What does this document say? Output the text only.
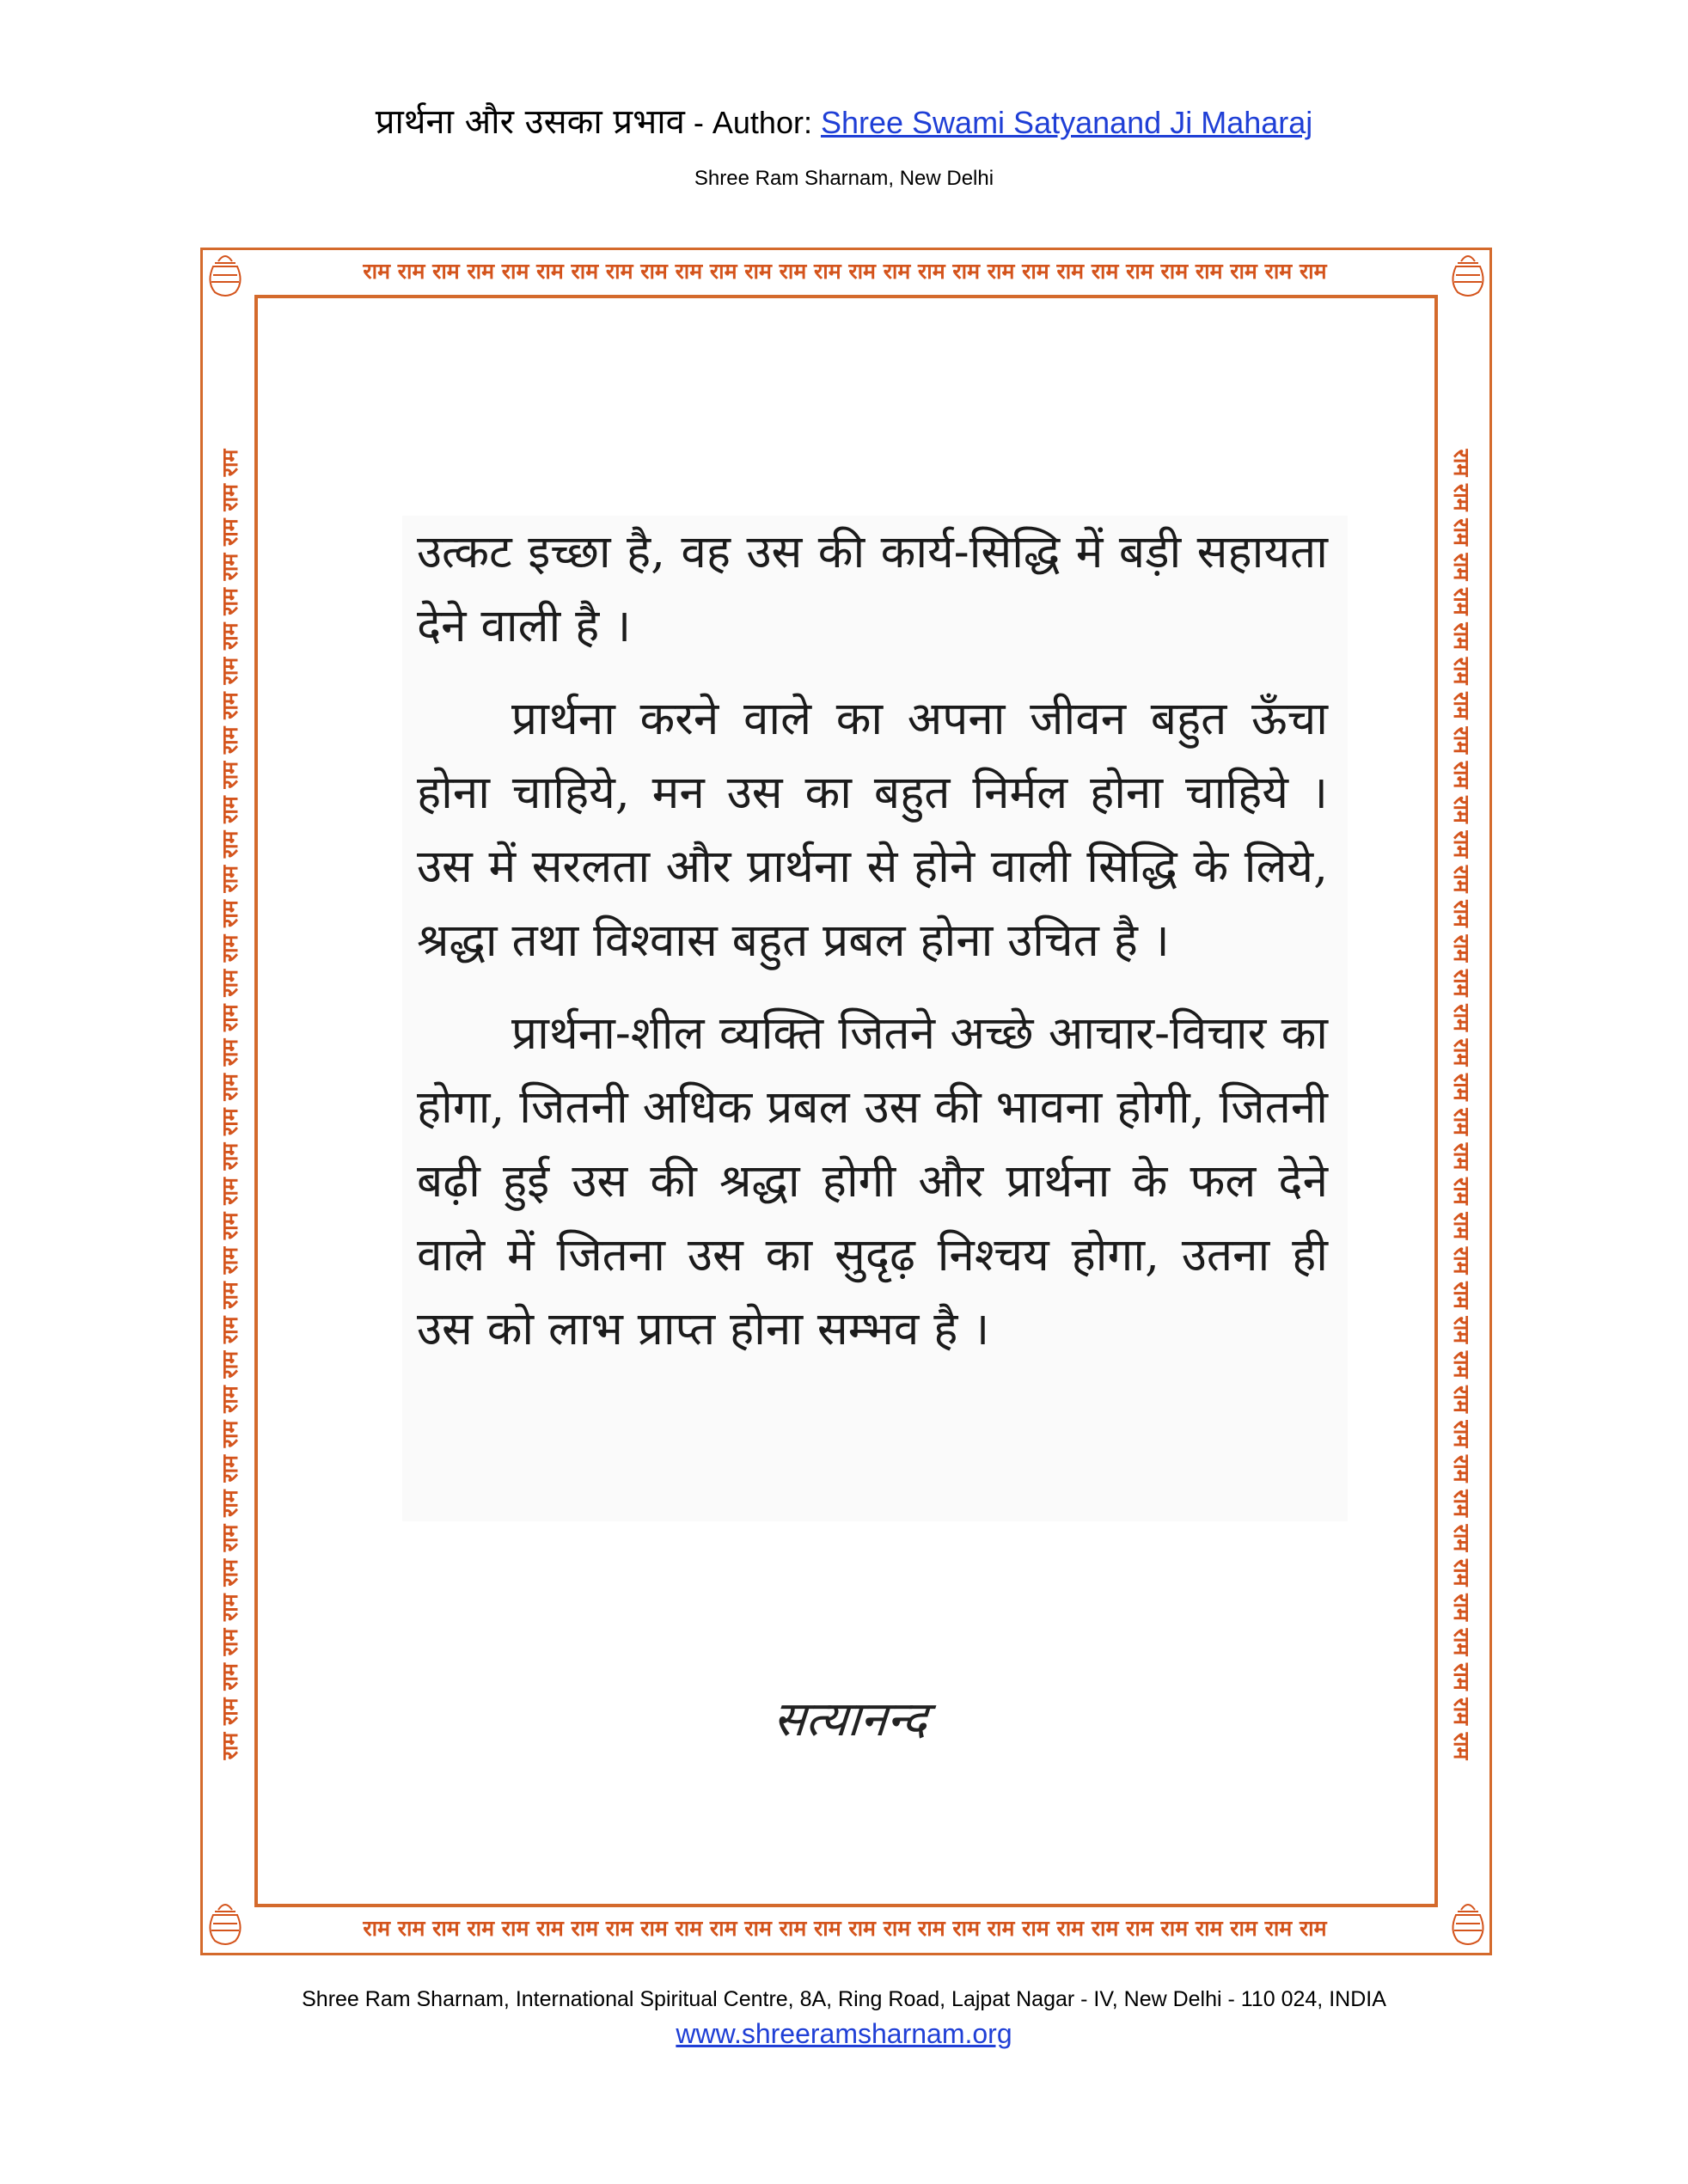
प्रार्थना और उसका प्रभाव - Author: Shree Swami Satyanand Ji Maharaj
Shree Ram Sharnam, New Delhi
राम राम राम राम राम राम राम राम राम राम राम राम राम राम राम राम राम राम राम राम राम राम राम राम राम राम राम राम
राम राम राम राम राम राम राम राम राम राम राम राम राम राम राम राम राम राम राम राम राम राम राम राम राम राम राम राम
राम राम राम राम राम राम राम राम राम राम राम राम राम राम राम राम राम राम राम राम राम राम राम राम राम राम राम राम राम राम राम राम राम राम राम राम राम राम	राम राम राम राम राम राम राम राम राम राम राम राम राम राम राम राम राम राम राम राम राम राम राम राम राम राम राम राम राम राम राम राम राम राम राम राम राम राम

उत्कट इच्छा है, वह उस की कार्य-सिद्धि में बड़ी सहायता देने वाली है ।

प्रार्थना करने वाले का अपना जीवन बहुत ऊँचा होना चाहिये, मन उस का बहुत निर्मल होना चाहिये । उस में सरलता और प्रार्थना से होने वाली सिद्धि के लिये, श्रद्धा तथा विश्वास बहुत प्रबल होना उचित है ।

प्रार्थना-शील व्यक्ति जितने अच्छे आचार-विचार का होगा, जितनी अधिक प्रबल उस की भावना होगी, जितनी बढ़ी हुई उस की श्रद्धा होगी और प्रार्थना के फल देने वाले में जितना उस का सुदृढ़ निश्चय होगा, उतना ही उस को लाभ प्राप्त होना सम्भव है ।

सत्यानन्द
Shree Ram Sharnam, International Spiritual Centre, 8A, Ring Road, Lajpat Nagar - IV, New Delhi - 110 024, INDIA
www.shreeramsharnam.org
